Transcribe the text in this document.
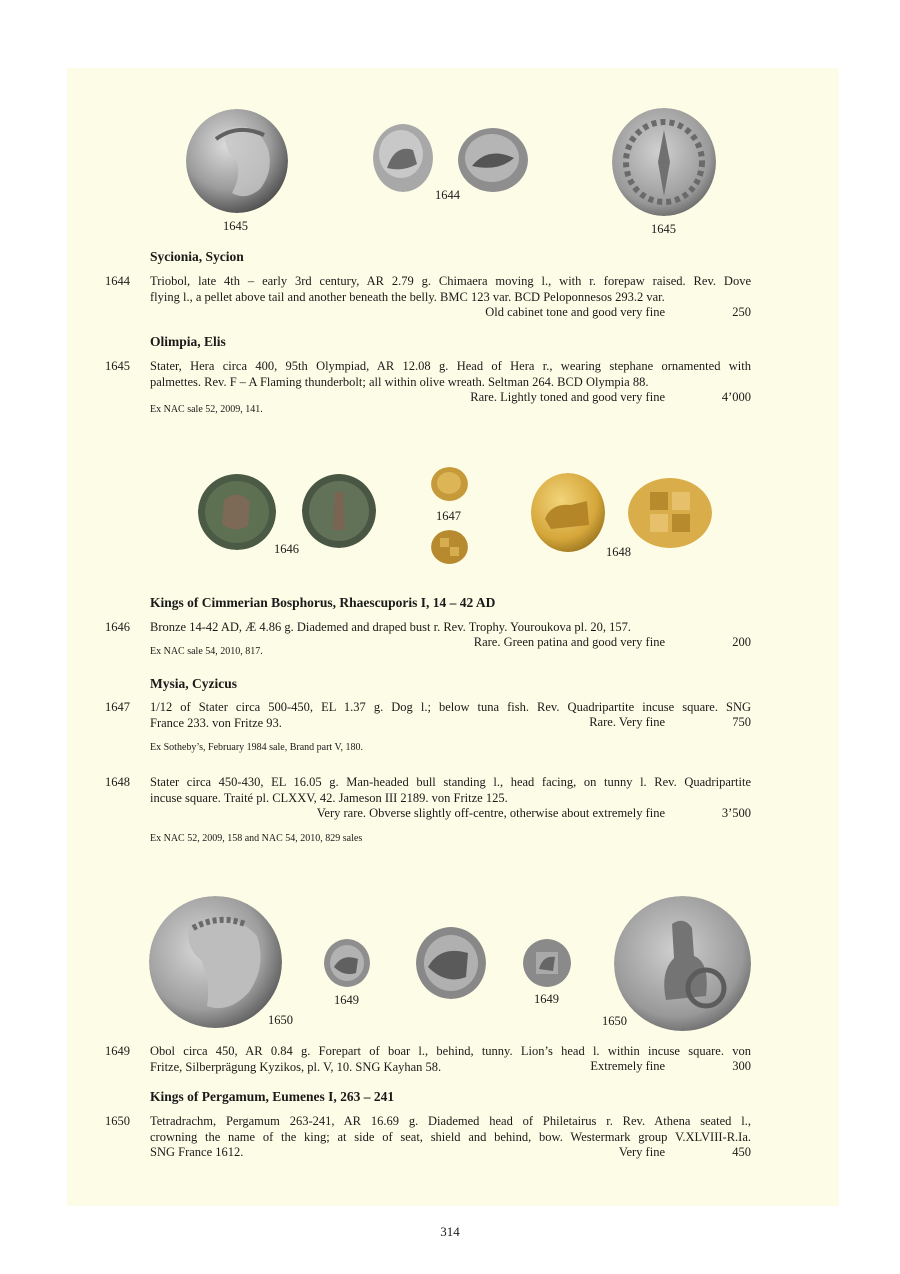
1645
1644
1645
Sycionia, Sycion
1644 Triobol, late 4th – early 3rd century, AR 2.79 g. Chimaera moving l., with r. forepaw raised. Rev. Dove
flying l., a pellet above tail and another beneath the belly. BMC 123 var. BCD Peloponnesos 293.2 var.
Old cabinet tone and good very fine	250
Olimpia, Elis
1645 Stater, Hera circa 400, 95th Olympiad, AR 12.08 g. Head of Hera r., wearing stephane ornamented with
palmettes. Rev. F – A Flaming thunderbolt; all within olive wreath. Seltman 264. BCD Olympia 88.
Rare. Lightly toned and good very fine	4’000
Ex NAC sale 52, 2009, 141.
1646
1647
1648
Kings of Cimmerian Bosphorus, Rhaescuporis I, 14 – 42 AD
1646 Bronze 14-42 AD, Æ 4.86 g. Diademed and draped bust r. Rev. Trophy. Youroukova pl. 20, 157.
Rare. Green patina and good very fine	200
Ex NAC sale 54, 2010, 817.
Mysia, Cyzicus
1647 1/12 of Stater circa 500-450, EL 1.37 g. Dog l.; below tuna fish. Rev. Quadripartite incuse square. SNG
France 233. von Fritze 93.	Rare. Very fine	750
Ex Sotheby’s, February 1984 sale, Brand part V, 180.
1648 Stater circa 450-430, EL 16.05 g. Man-headed bull standing l., head facing, on tunny l. Rev. Quadripartite
incuse square. Traité pl. CLXXV, 42. Jameson III 2189. von Fritze 125.
Very rare. Obverse slightly off-centre, otherwise about extremely fine	3’500
Ex NAC 52, 2009, 158 and NAC 54, 2010, 829 sales
1650
1649	1649
1650
1649 Obol circa 450, AR 0.84 g. Forepart of boar l., behind, tunny. Lion’s head l. within incuse square. von
Fritze, Silberprägung Kyzikos, pl. V, 10. SNG Kayhan 58.	Extremely fine	300
Kings of Pergamum, Eumenes I, 263 – 241
1650 Tetradrachm, Pergamum 263-241, AR 16.69 g. Diademed head of Philetairus r. Rev. Athena seated l.,
crowning the name of the king; at side of seat, shield and behind, bow. Westermark group V.XLVIII-R.Ia.
SNG France 1612.	Very fine	450
314
